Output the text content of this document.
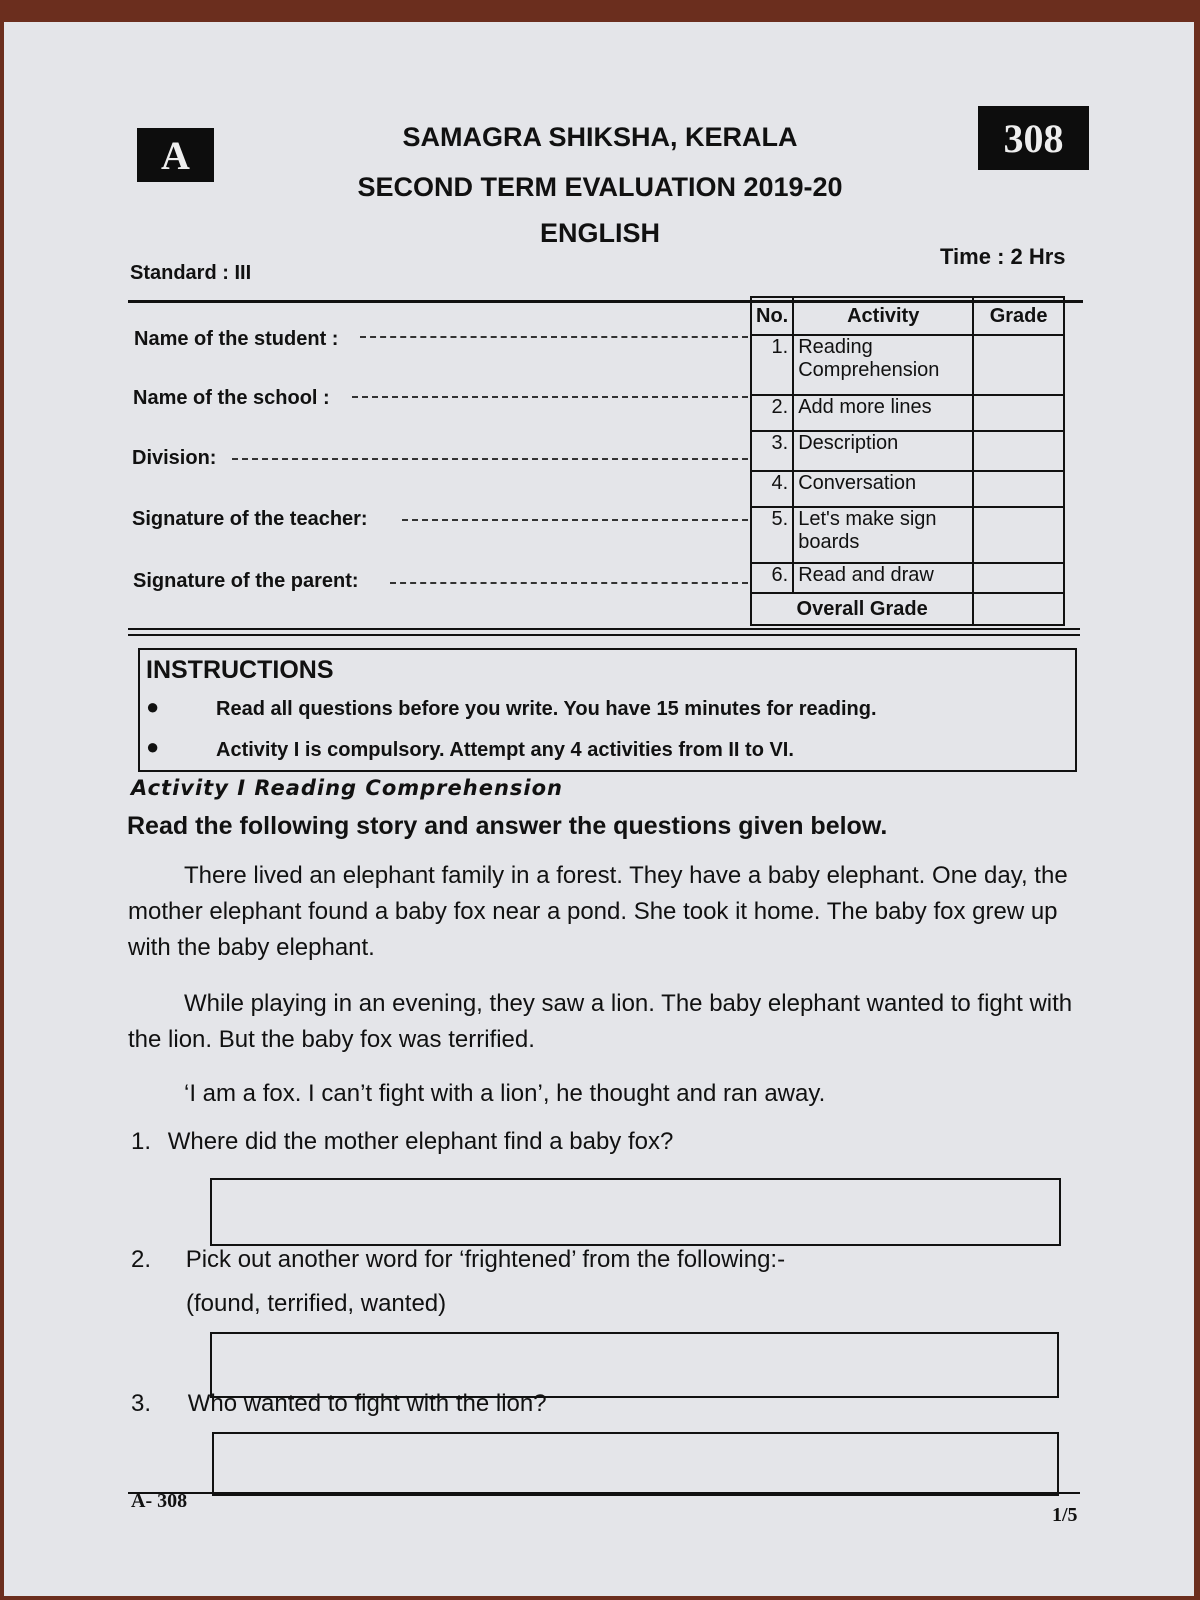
A	308
SAMAGRA SHIKSHA, KERALA
SECOND TERM EVALUATION 2019-20
ENGLISH
Standard : III
Time : 2 Hrs
Name of the student :
Name of the school :
Division:
Signature of the teacher:
Signature of the parent:
No.	Activity	Grade
1.	Reading Comprehension	
2.	Add more lines	
3.	Description	
4.	Conversation	
5.	Let's make sign boards	
6.	Read and draw	
Overall Grade		
INSTRUCTIONS
●	Read all questions before you write. You have 15 minutes for reading.
●	Activity I is compulsory. Attempt any 4 activities from II to VI.
Activity I Reading Comprehension
Read the following story and answer the questions given below.
There lived an elephant family in a forest. They have a baby elephant. One day, the mother elephant found a baby fox near a pond. She took it home. The baby fox grew up with the baby elephant.
While playing in an evening, they saw a lion. The baby elephant wanted to fight with the lion. But the baby fox was terrified.
‘I am a fox. I can’t fight with a lion’, he thought and ran away.
1. Where did the mother elephant find a baby fox?
2. Pick out another word for ‘frightened’ from the following:-
(found, terrified, wanted)
3. Who wanted to fight with the lion?
A- 308
1/5
